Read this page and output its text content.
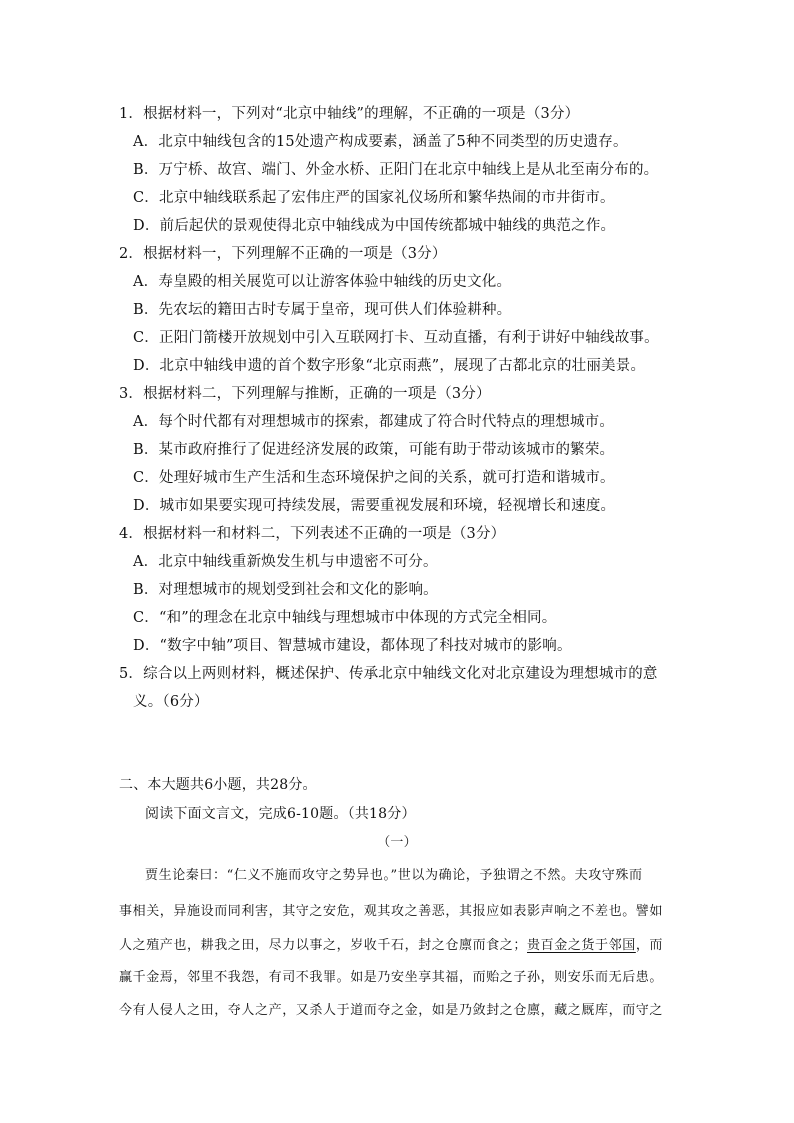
1．根据材料一，下列对“北京中轴线”的理解，不正确的一项是（3分）
A．北京中轴线包含的15处遗产构成要素，涵盖了5种不同类型的历史遗存。
B．万宁桥、故宫、端门、外金水桥、正阳门在北京中轴线上是从北至南分布的。
C．北京中轴线联系起了宏伟庄严的国家礼仪场所和繁华热闹的市井街市。
D．前后起伏的景观使得北京中轴线成为中国传统都城中轴线的典范之作。
2．根据材料一，下列理解不正确的一项是（3分）
A．寿皇殿的相关展览可以让游客体验中轴线的历史文化。
B．先农坛的籍田古时专属于皇帝，现可供人们体验耕种。
C．正阳门箭楼开放规划中引入互联网打卡、互动直播，有利于讲好中轴线故事。
D．北京中轴线申遗的首个数字形象“北京雨燕”，展现了古都北京的壮丽美景。
3．根据材料二，下列理解与推断，正确的一项是（3分）
A．每个时代都有对理想城市的探索，都建成了符合时代特点的理想城市。
B．某市政府推行了促进经济发展的政策，可能有助于带动该城市的繁荣。
C．处理好城市生产生活和生态环境保护之间的关系，就可打造和谐城市。
D．城市如果要实现可持续发展，需要重视发展和环境，轻视增长和速度。
4．根据材料一和材料二，下列表述不正确的一项是（3分）
A．北京中轴线重新焕发生机与申遗密不可分。
B．对理想城市的规划受到社会和文化的影响。
C．“和”的理念在北京中轴线与理想城市中体现的方式完全相同。
D．“数字中轴”项目、智慧城市建设，都体现了科技对城市的影响。
5．综合以上两则材料，概述保护、传承北京中轴线文化对北京建设为理想城市的意
义。（6分）
二、本大题共6小题，共28分。
阅读下面文言文，完成6-10题。（共18分）
（一）
贾生论秦曰：“仁义不施而攻守之势异也。”世以为确论，予独谓之不然。夫攻守殊而
事相关，异施设而同利害，其守之安危，观其攻之善恶，其报应如表影声响之不差也。譬如
人之殖产也，耕我之田，尽力以事之，岁收千石，封之仓廪而食之；贵百金之货于邻国，而
赢千金焉，邻里不我怨，有司不我罪。如是乃安坐享其福，而贻之子孙，则安乐而无后患。
今有人侵人之田，夺人之产，又杀人于道而夺之金，如是乃敛封之仓廪，藏之厩库，而守之
